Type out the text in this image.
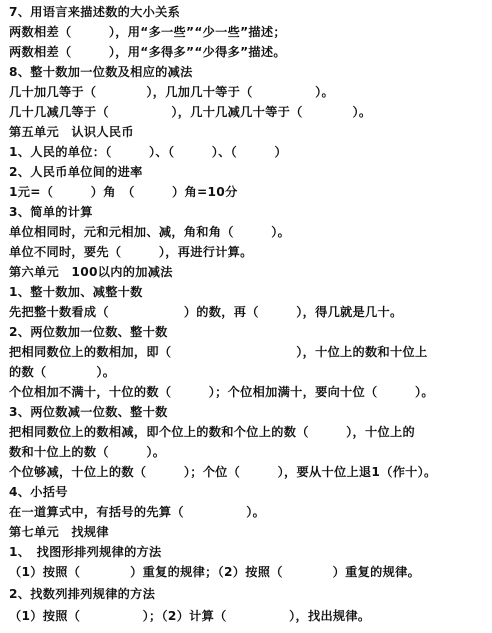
7、用语言来描述数的大小关系
两数相差（　　　），用“多一些”“少一些”描述；
两数相差（　　　），用“多得多”“少得多”描述。
8、整十数加一位数及相应的减法
几十加几等于（　　　　），几加几十等于（　　　　　）。
几十几减几等于（　　　　　），几十几减几十等于（　　　　）。
第五单元　认识人民币
1、人民的单位：（　　　）、（　　　）、（　　　）
2、人民币单位间的进率
1元=（　　　）角　（　　　）角=10分
3、简单的计算
单位相同时，元和元相加、减，角和角（　　　）。
单位不同时，要先（　　　），再进行计算。
第六单元　100以内的加减法
1、整十数加、减整十数
先把整十数看成（　　　　　　）的数，再（　　　），得几就是几十。
2、两位数加一位数、整十数
把相同数位上的数相加，即（　　　　　　　　　　），十位上的数和十位上
的数（　　　　）。
个位相加不满十，十位的数（　　　）；个位相加满十，要向十位（　　　）。
3、两位数减一位数、整十数
把相同数位上的数相减，即个位上的数和个位上的数（　　　），十位上的
数和十位上的数（　　　）。
个位够减，十位上的数（　　　）；个位（　　　），要从十位上退1（作十）。
4、小括号
在一道算式中，有括号的先算（　　　　　）。
第七单元　找规律
1、　找图形排列规律的方法
（1）按照（　　　　）重复的规律；（2）按照（　　　　）重复的规律。
2、找数列排列规律的方法
（1）按照（　　　　　）；（2）计算（　　　　　），找出规律。
